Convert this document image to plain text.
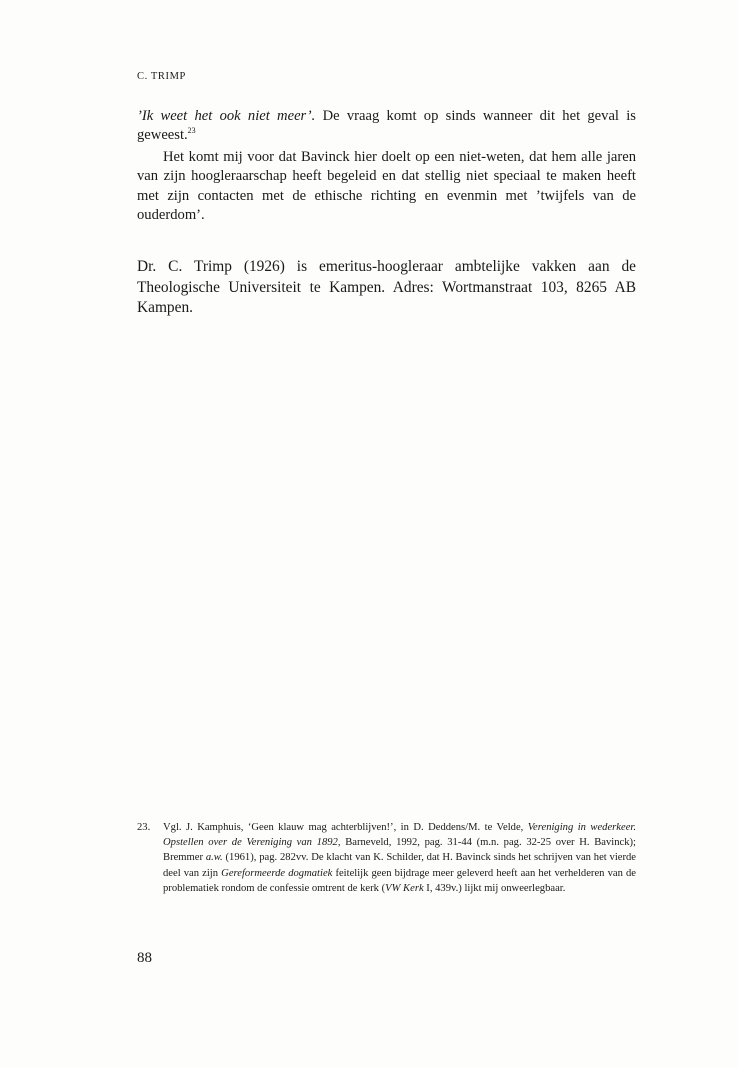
C. TRIMP

’Ik weet het ook niet meer’. De vraag komt op sinds wanneer dit het geval is geweest.$^{23}$

Het komt mij voor dat Bavinck hier doelt op een niet-weten, dat hem alle jaren van zijn hoogleraarschap heeft begeleid en dat stellig niet speciaal te maken heeft met zijn contacten met de ethische richting en evenmin met ’twijfels van de ouderdom’.

Dr. C. Trimp (1926) is emeritus-hoogleraar ambtelijke vakken aan de Theologische Universiteit te Kampen. Adres: Wortmanstraat 103, 8265 AB Kampen.

23.	Vgl. J. Kamphuis, ‘Geen klauw mag achterblijven!’, in D. Deddens/M. te Velde, Vereniging in wederkeer. Opstellen over de Vereniging van 1892, Barneveld, 1992, pag. 31-44 (m.n. pag. 32-25 over H. Bavinck); Bremmer a.w. (1961), pag. 282vv. De klacht van K. Schilder, dat H. Bavinck sinds het schrijven van het vierde deel van zijn Gereformeerde dogmatiek feitelijk geen bijdrage meer geleverd heeft aan het verhelderen van de problematiek rondom de confessie omtrent de kerk (VW Kerk I, 439v.) lijkt mij onweerlegbaar.
88
